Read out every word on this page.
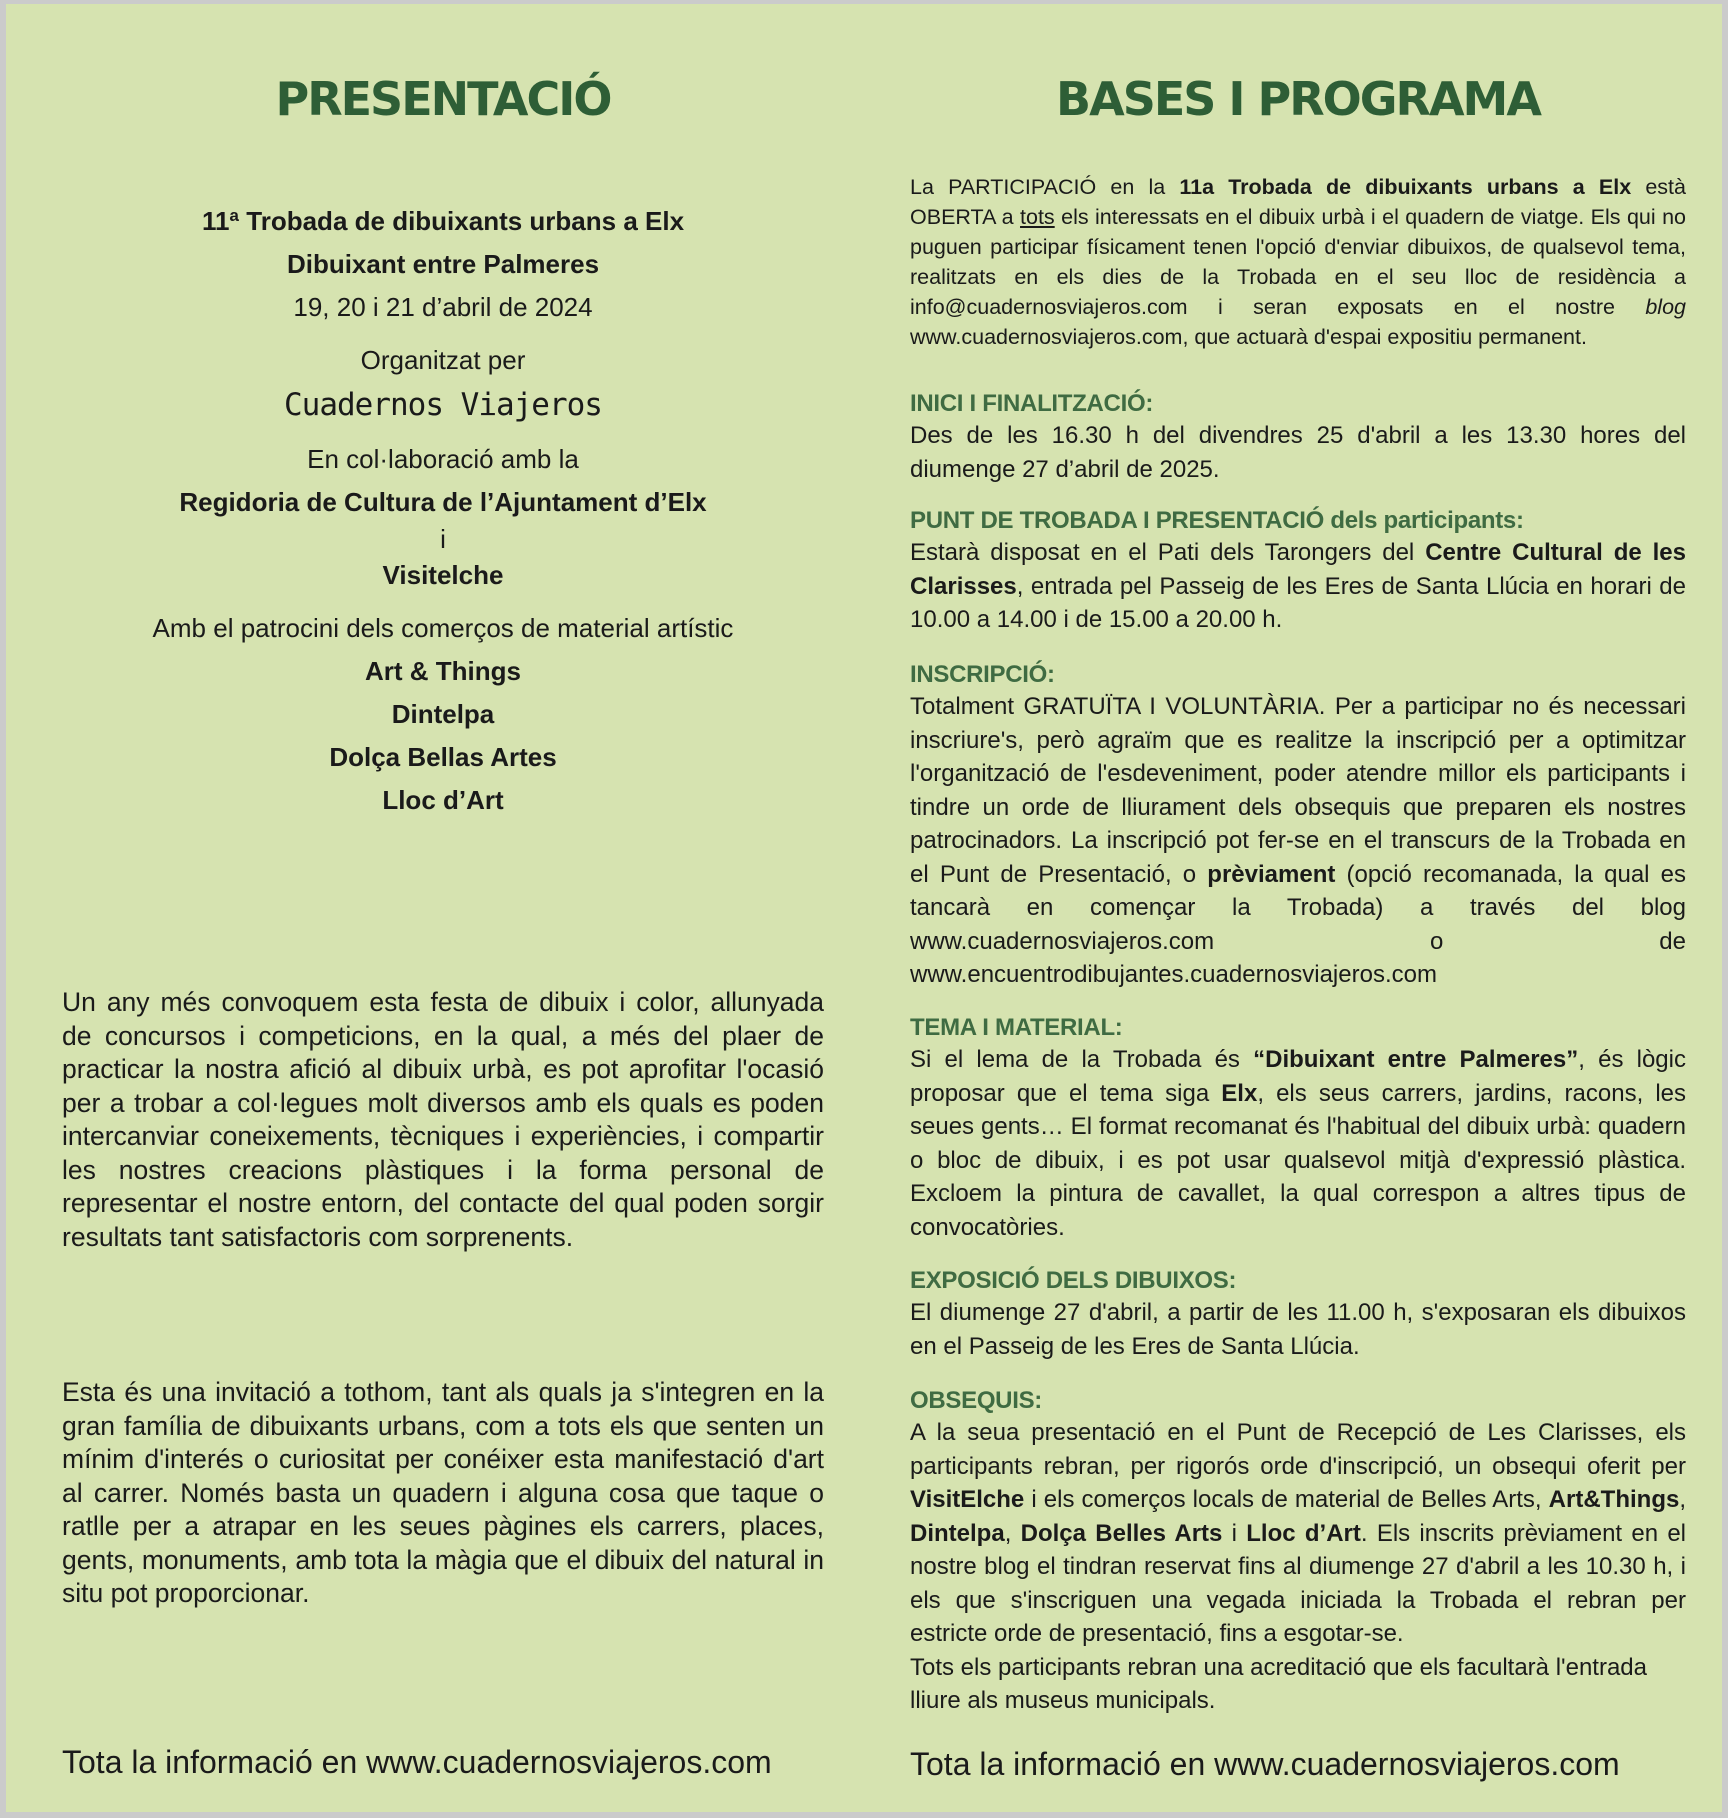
PRESENTACIÓ
11ª Trobada de dibuixants urbans a Elx
Dibuixant entre Palmeres
19, 20 i 21 d’abril de 2024
Organitzat per
Cuadernos Viajeros
En col·laboració amb la
Regidoria de Cultura de l’Ajuntament d’Elx
i
Visitelche
Amb el patrocini dels comerços de material artístic
Art & Things
Dintelpa
Dolça Bellas Artes
Lloc d’Art

Un any més convoquem esta festa de dibuix i color, allunyada de concursos i competicions, en la qual, a més del plaer de practicar la nostra afició al dibuix urbà, es pot aprofitar l'ocasió per a trobar a col·legues molt diversos amb els quals es poden intercanviar coneixements, tècniques i experiències, i compartir les nostres creacions plàstiques i la forma personal de representar el nostre entorn, del contacte del qual poden sorgir resultats tant satisfactoris com sorprenents.

Esta és una invitació a tothom, tant als quals ja s'integren en la gran família de dibuixants urbans, com a tots els que senten un mínim d'interés o curiositat per conéixer esta manifestació d'art al carrer. Només basta un quadern i alguna cosa que taque o ratlle per a atrapar en les seues pàgines els carrers, places, gents, monuments, amb tota la màgia que el dibuix del natural in situ pot proporcionar.

Tota la informació en www.cuadernosviajeros.com
BASES I PROGRAMA

La PARTICIPACIÓ en la 11a Trobada de dibuixants urbans a Elx està OBERTA a tots els interessats en el dibuix urbà i el quadern de viatge. Els qui no puguen participar físicament tenen l'opció d'enviar dibuixos, de qualsevol tema, realitzats en els dies de la Trobada en el seu lloc de residència a info@cuadernosviajeros.com i seran exposats en el nostre blog www.cuadernosviajeros.com, que actuarà d'espai expositiu permanent.

INICI I FINALITZACIÓ:

Des de les 16.30 h del divendres 25 d'abril a les 13.30 hores del diumenge 27 d’abril de 2025.

PUNT DE TROBADA I PRESENTACIÓ dels participants:

Estarà disposat en el Pati dels Tarongers del Centre Cultural de les Clarisses, entrada pel Passeig de les Eres de Santa Llúcia en horari de 10.00 a 14.00 i de 15.00 a 20.00 h.

INSCRIPCIÓ:

Totalment GRATUÏTA I VOLUNTÀRIA. Per a participar no és necessari inscriure's, però agraïm que es realitze la inscripció per a optimitzar l'organització de l'esdeveniment, poder atendre millor els participants i tindre un orde de lliurament dels obsequis que preparen els nostres patrocinadors. La inscripció pot fer-se en el transcurs de la Trobada en el Punt de Presentació, o prèviament (opció recomanada, la qual es tancarà en començar la Trobada) a través del blog www.cuadernosviajeros.com o de www.encuentrodibujantes.cuadernosviajeros.com

TEMA I MATERIAL:

Si el lema de la Trobada és “Dibuixant entre Palmeres”, és lògic proposar que el tema siga Elx, els seus carrers, jardins, racons, les seues gents… El format recomanat és l'habitual del dibuix urbà: quadern o bloc de dibuix, i es pot usar qualsevol mitjà d'expressió plàstica. Excloem la pintura de cavallet, la qual correspon a altres tipus de convocatòries.

EXPOSICIÓ DELS DIBUIXOS:

El diumenge 27 d'abril, a partir de les 11.00 h, s'exposaran els dibuixos en el Passeig de les Eres de Santa Llúcia.

OBSEQUIS:

A la seua presentació en el Punt de Recepció de Les Clarisses, els participants rebran, per rigorós orde d'inscripció, un obsequi oferit per VisitElche i els comerços locals de material de Belles Arts, Art&Things, Dintelpa, Dolça Belles Arts i Lloc d’Art. Els inscrits prèviament en el nostre blog el tindran reservat fins al diumenge 27 d'abril a les 10.30 h, i els que s'inscriguen una vegada iniciada la Trobada el rebran per estricte orde de presentació, fins a esgotar-se.

Tots els participants rebran una acreditació que els facultarà l'entrada lliure als museus municipals.

Tota la informació en www.cuadernosviajeros.com
